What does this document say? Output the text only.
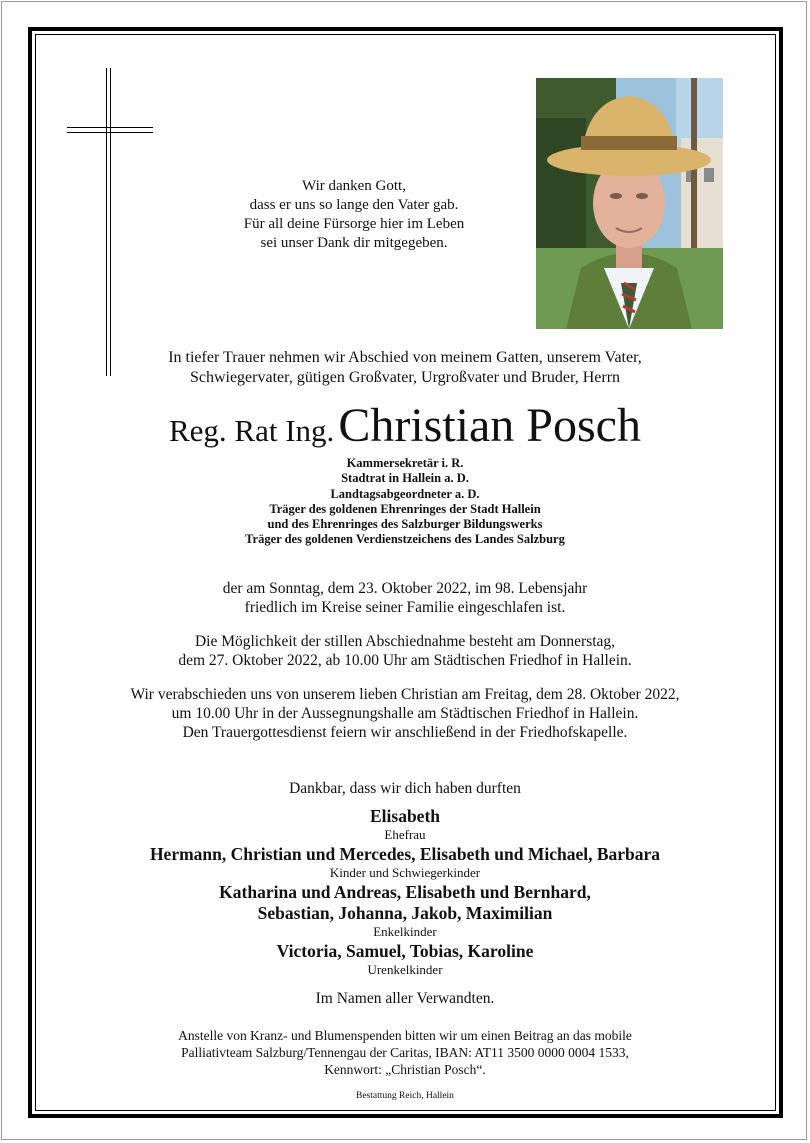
Wir danken Gott,
dass er uns so lange den Vater gab.
Für all deine Fürsorge hier im Leben
sei unser Dank dir mitgegeben.
In tiefer Trauer nehmen wir Abschied von meinem Gatten, unserem Vater,
Schwiegervater, gütigen Großvater, Urgroßvater und Bruder, Herrn
Reg. Rat Ing. Christian Posch
Kammersekretär i. R.
Stadtrat in Hallein a. D.
Landtagsabgeordneter a. D.
Träger des goldenen Ehrenringes der Stadt Hallein
und des Ehrenringes des Salzburger Bildungswerks
Träger des goldenen Verdienstzeichens des Landes Salzburg
der am Sonntag, dem 23. Oktober 2022, im 98. Lebensjahr
friedlich im Kreise seiner Familie eingeschlafen ist.
Die Möglichkeit der stillen Abschiednahme besteht am Donnerstag,
dem 27. Oktober 2022, ab 10.00 Uhr am Städtischen Friedhof in Hallein.
Wir verabschieden uns von unserem lieben Christian am Freitag, dem 28. Oktober 2022,
um 10.00 Uhr in der Aussegnungshalle am Städtischen Friedhof in Hallein.
Den Trauergottesdienst feiern wir anschließend in der Friedhofskapelle.
Dankbar, dass wir dich haben durften
Elisabeth
Ehefrau
Hermann, Christian und Mercedes, Elisabeth und Michael, Barbara
Kinder und Schwiegerkinder
Katharina und Andreas, Elisabeth und Bernhard,
Sebastian, Johanna, Jakob, Maximilian
Enkelkinder
Victoria, Samuel, Tobias, Karoline
Urenkelkinder
Im Namen aller Verwandten.
Anstelle von Kranz- und Blumenspenden bitten wir um einen Beitrag an das mobile
Palliativteam Salzburg/Tennengau der Caritas, IBAN: AT11 3500 0000 0004 1533,
Kennwort: „Christian Posch“.
Bestattung Reich, Hallein
